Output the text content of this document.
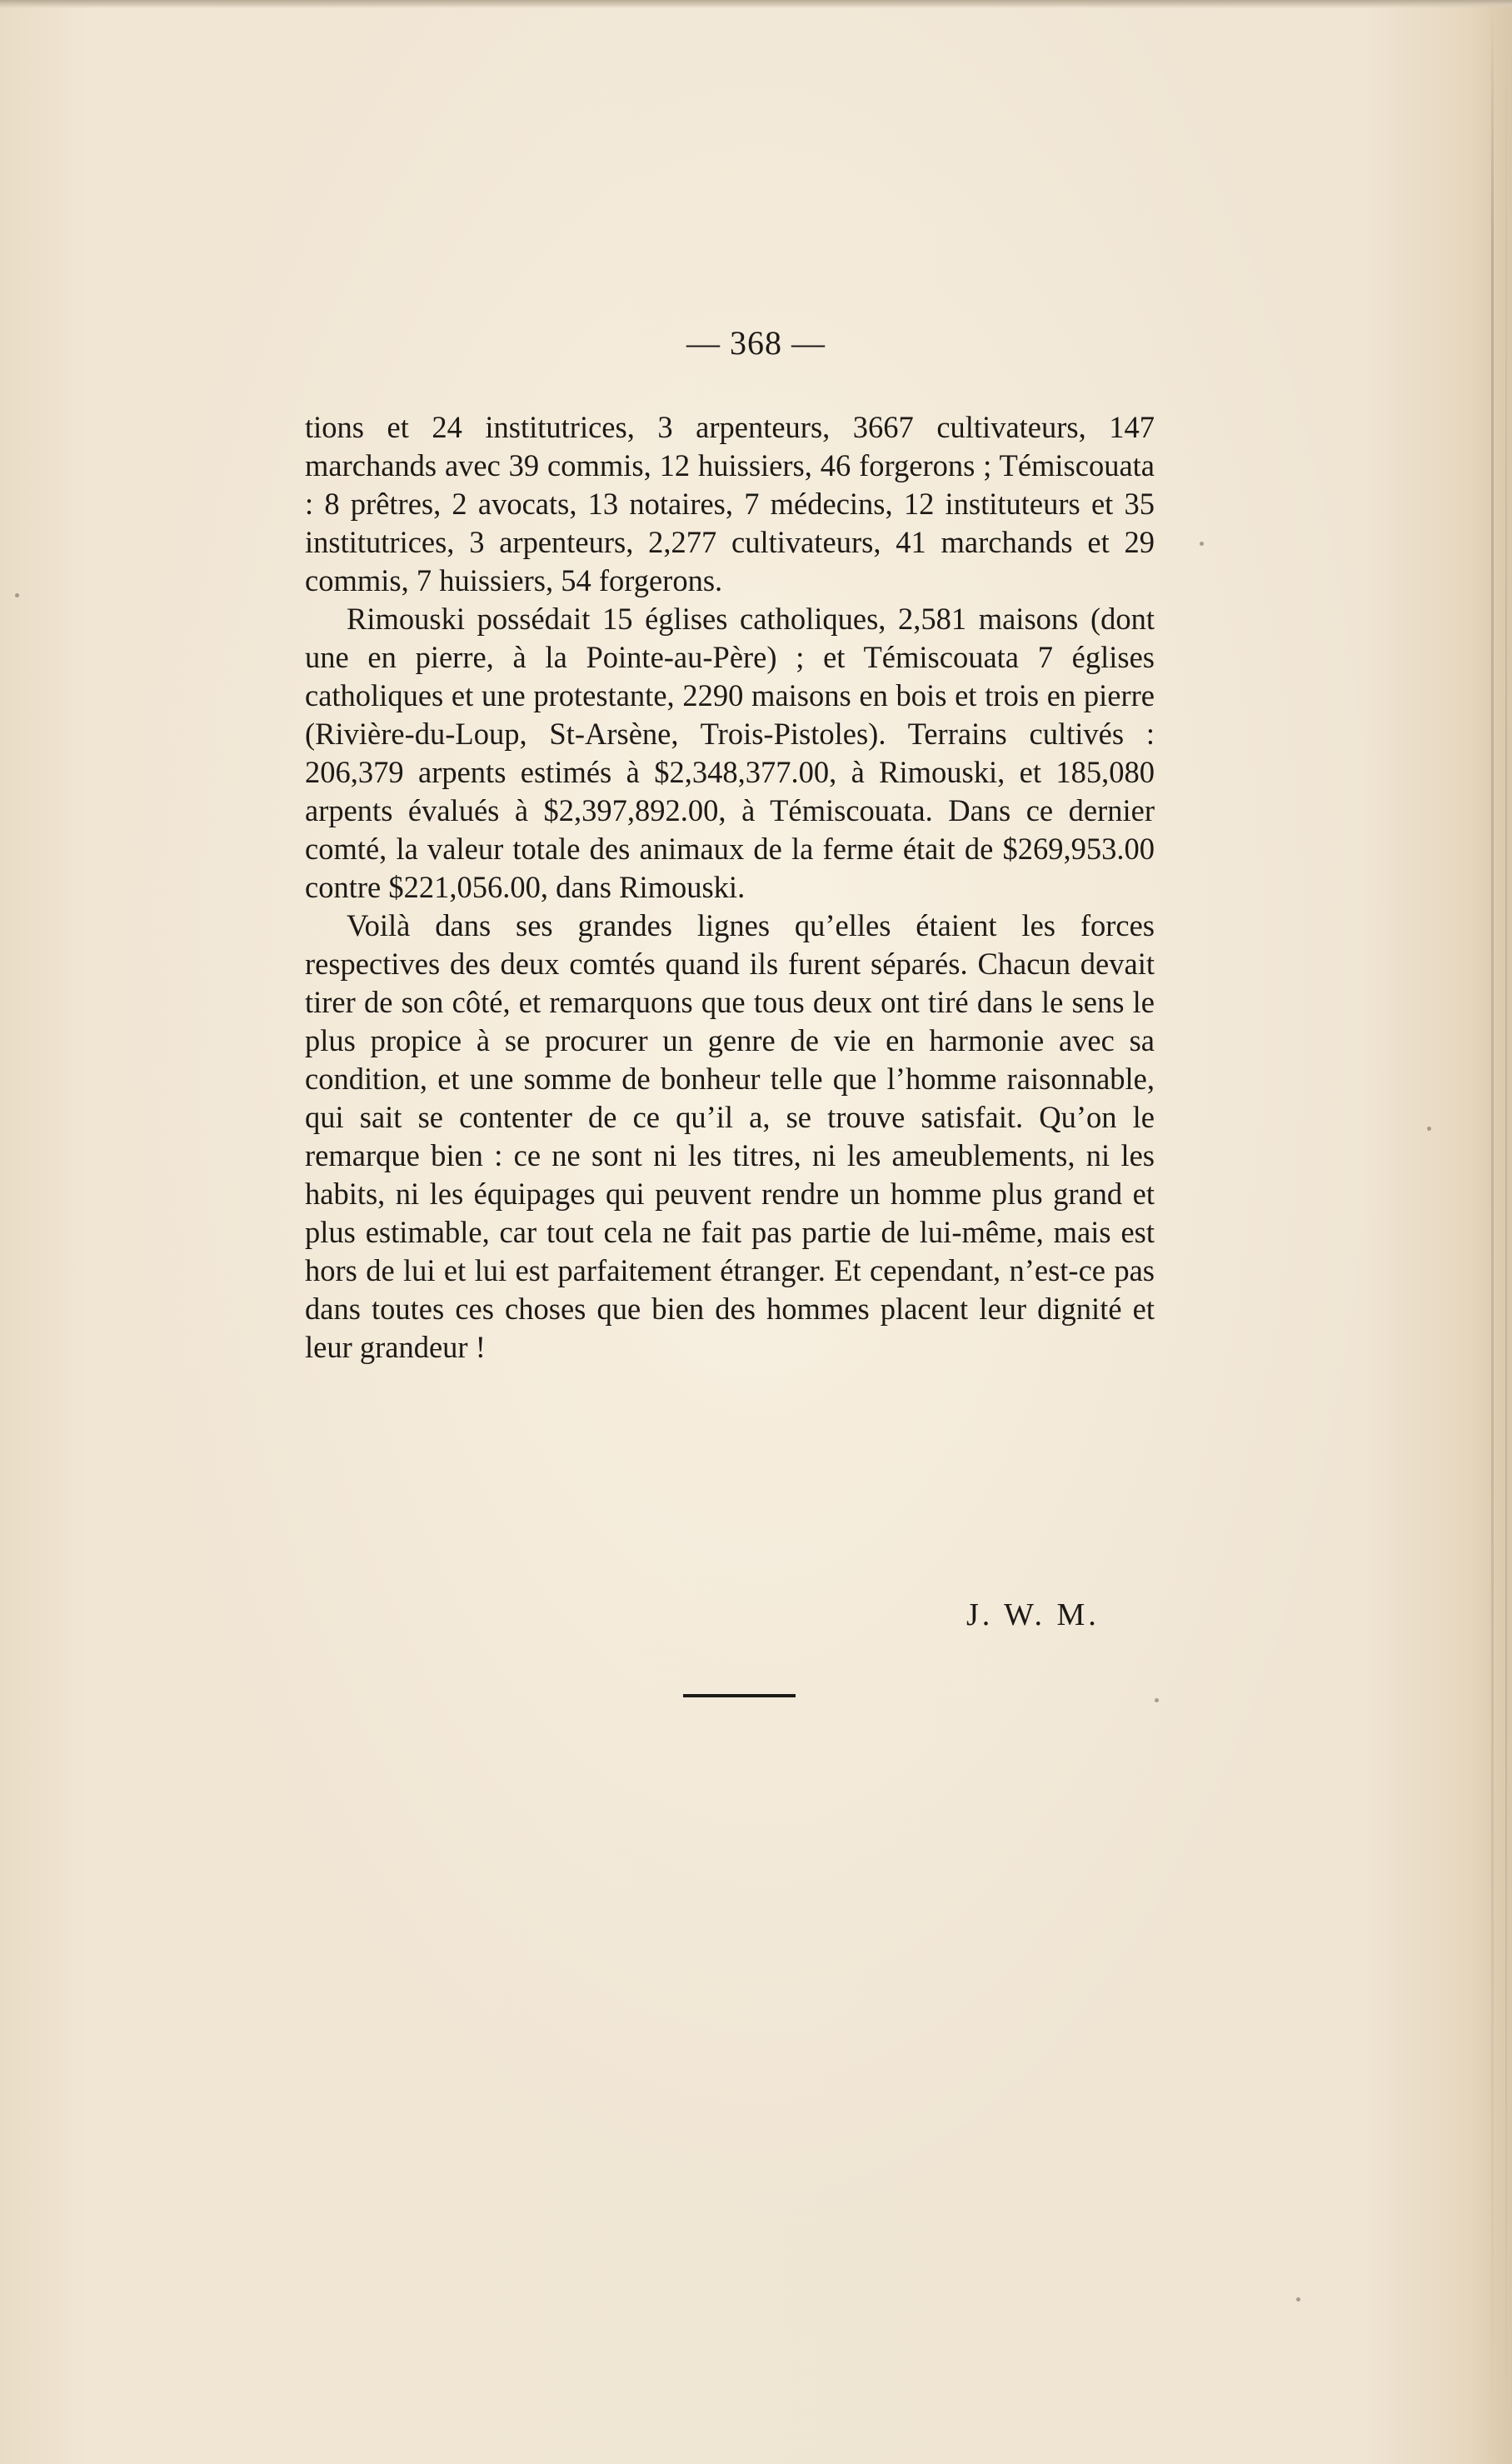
— 368 —

tions et 24 institutrices, 3 arpenteurs, 3667 cultivateurs, 147 marchands avec 39 commis, 12 huissiers, 46 forgerons ; Témiscouata : 8 prêtres, 2 avocats, 13 notaires, 7 médecins, 12 instituteurs et 35 institutrices, 3 arpenteurs, 2,277 cultivateurs, 41 marchands et 29 commis, 7 huissiers, 54 forgerons.

Rimouski possédait 15 églises catholiques, 2,581 maisons (dont une en pierre, à la Pointe-au-Père) ; et Témiscouata 7 églises catholiques et une protestante, 2290 maisons en bois et trois en pierre (Rivière-du-Loup, St-Arsène, Trois-Pistoles). Terrains cultivés : 206,379 arpents estimés à $2,348,377.00, à Rimouski, et 185,080 arpents évalués à $2,397,892.00, à Témiscouata. Dans ce dernier comté, la valeur totale des animaux de la ferme était de $269,953.00 contre $221,056.00, dans Rimouski.

Voilà dans ses grandes lignes qu’elles étaient les forces respectives des deux comtés quand ils furent séparés. Chacun devait tirer de son côté, et remarquons que tous deux ont tiré dans le sens le plus propice à se procurer un genre de vie en harmonie avec sa condition, et une somme de bonheur telle que l’homme raisonnable, qui sait se contenter de ce qu’il a, se trouve satisfait. Qu’on le remarque bien : ce ne sont ni les titres, ni les ameublements, ni les habits, ni les équipages qui peuvent rendre un homme plus grand et plus estimable, car tout cela ne fait pas partie de lui-même, mais est hors de lui et lui est parfaitement étranger. Et cependant, n’est-ce pas dans toutes ces choses que bien des hommes placent leur dignité et leur grandeur !

J. W. M.
